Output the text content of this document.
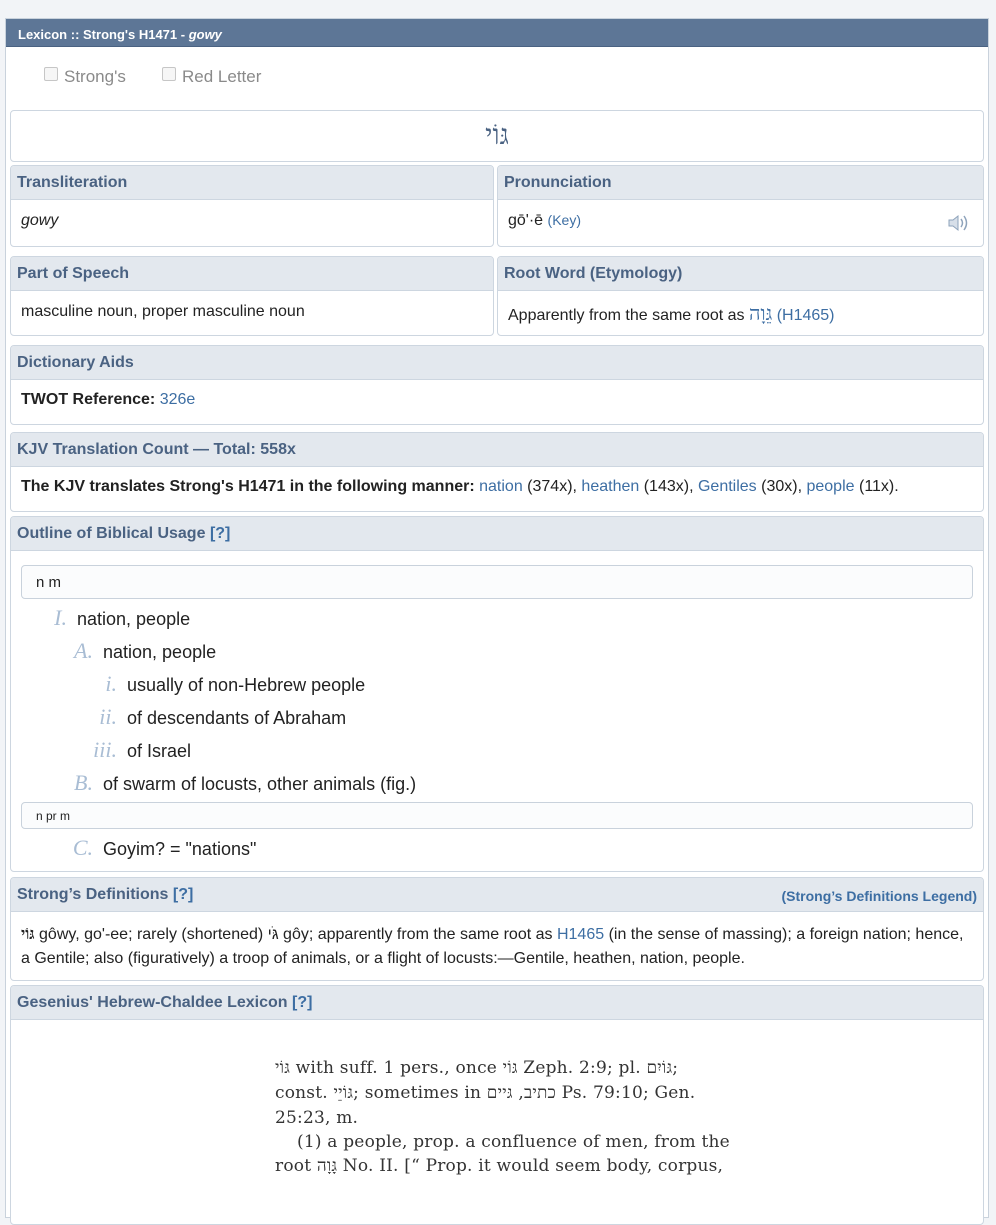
Lexicon :: Strong's H1471 - gowy
Strong's	Red Letter
גּוֹי
Transliteration
gowy
Pronunciation
gō'·ē (Key)
Part of Speech
masculine noun, proper masculine noun
Root Word (Etymology)
Apparently from the same root as גֵּוָה (H1465)
Dictionary Aids
TWOT Reference: 326e
KJV Translation Count — Total: 558x
The KJV translates Strong's H1471 in the following manner: nation (374x), heathen (143x), Gentiles (30x), people (11x).
Outline of Biblical Usage [?]
n m
I. nation, people
A. nation, people
i. usually of non-Hebrew people
ii. of descendants of Abraham
iii. of Israel
B. of swarm of locusts, other animals (fig.)
n pr m
C. Goyim? = "nations"
Strong’s Definitions [?]	(Strong’s Definitions Legend)
גּוֹי gôwy, go'-ee; rarely (shortened) גֹּי gôy; apparently from the same root as H1465 (in the sense of massing); a foreign nation; hence, a Gentile; also (figuratively) a troop of animals, or a flight of locusts:—Gentile, heathen, nation, people.
Gesenius' Hebrew-Chaldee Lexicon [?]
גּוֹי with suff. 1 pers., once גּוֹי Zeph. 2:9; pl. גּוֹיִם;
const. גּוֹיֵי; sometimes in כתיב, גּיים Ps. 79:10; Gen.
25:23, m.
(1) a people, prop. a confluence of men, from the
root גָּוָה No. II. [“ Prop. it would seem body, corpus,
